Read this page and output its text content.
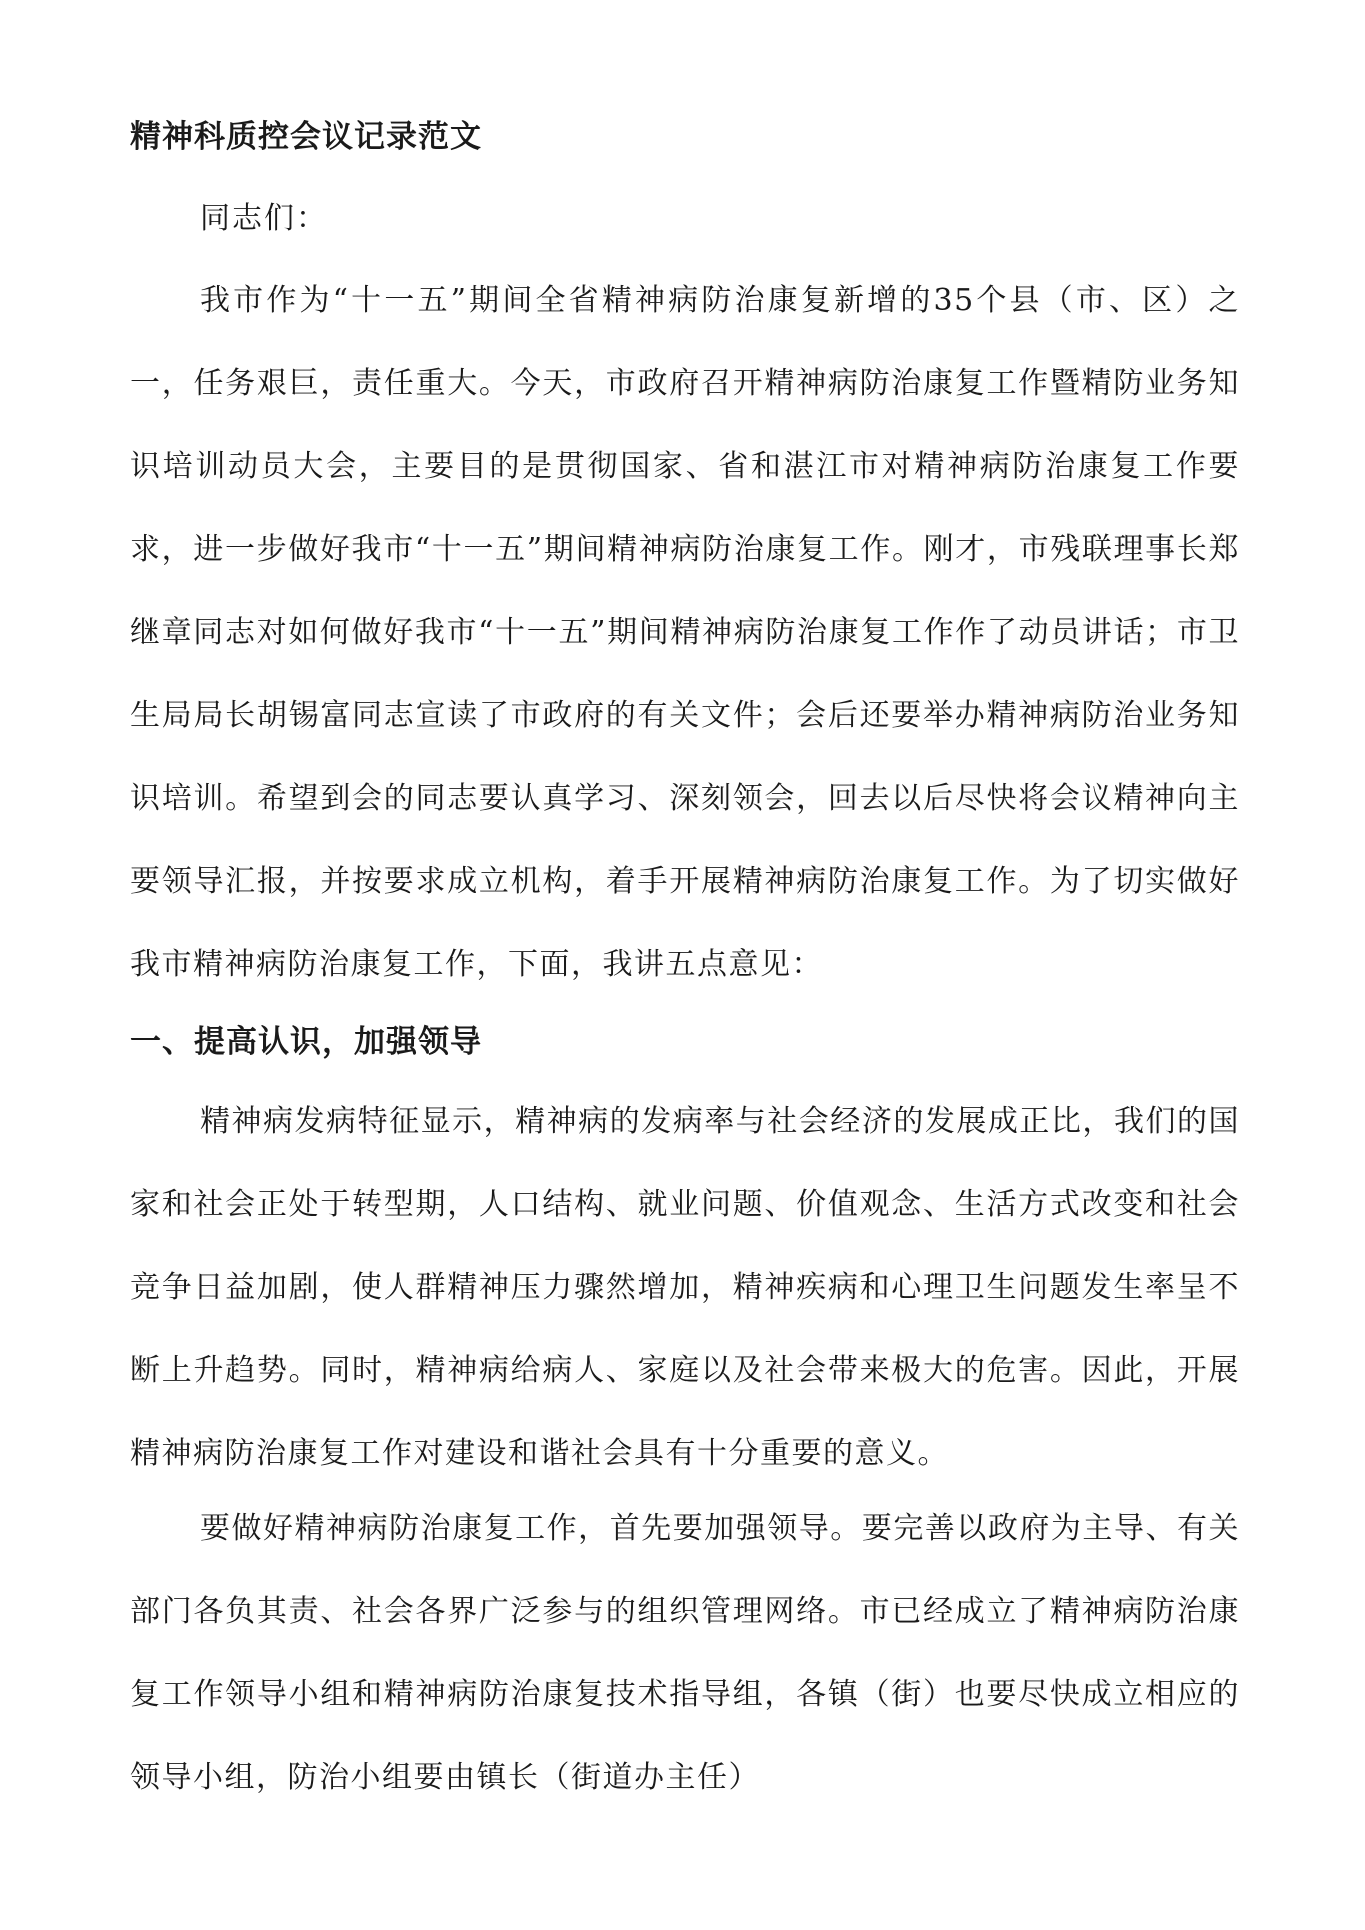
精神科质控会议记录范文
同志们：

我市作为“十一五”期间全省精神病防治康复新增的35个县（市、区）之一，任务艰巨，责任重大。今天，市政府召开精神病防治康复工作暨精防业务知识培训动员大会，主要目的是贯彻国家、省和湛江市对精神病防治康复工作要求，进一步做好我市“十一五”期间精神病防治康复工作。刚才，市残联理事长郑继章同志对如何做好我市“十一五”期间精神病防治康复工作作了动员讲话；市卫生局局长胡锡富同志宣读了市政府的有关文件；会后还要举办精神病防治业务知识培训。希望到会的同志要认真学习、深刻领会，回去以后尽快将会议精神向主要领导汇报，并按要求成立机构，着手开展精神病防治康复工作。为了切实做好我市精神病防治康复工作，下面，我讲五点意见：

一、提高认识，加强领导

精神病发病特征显示，精神病的发病率与社会经济的发展成正比，我们的国家和社会正处于转型期，人口结构、就业问题、价值观念、生活方式改变和社会竞争日益加剧，使人群精神压力骤然增加，精神疾病和心理卫生问题发生率呈不断上升趋势。同时，精神病给病人、家庭以及社会带来极大的危害。因此，开展精神病防治康复工作对建设和谐社会具有十分重要的意义。

要做好精神病防治康复工作，首先要加强领导。要完善以政府为主导、有关部门各负其责、社会各界广泛参与的组织管理网络。市已经成立了精神病防治康复工作领导小组和精神病防治康复技术指导组，各镇（街）也要尽快成立相应的领导小组，防治小组要由镇长（街道办主任）
